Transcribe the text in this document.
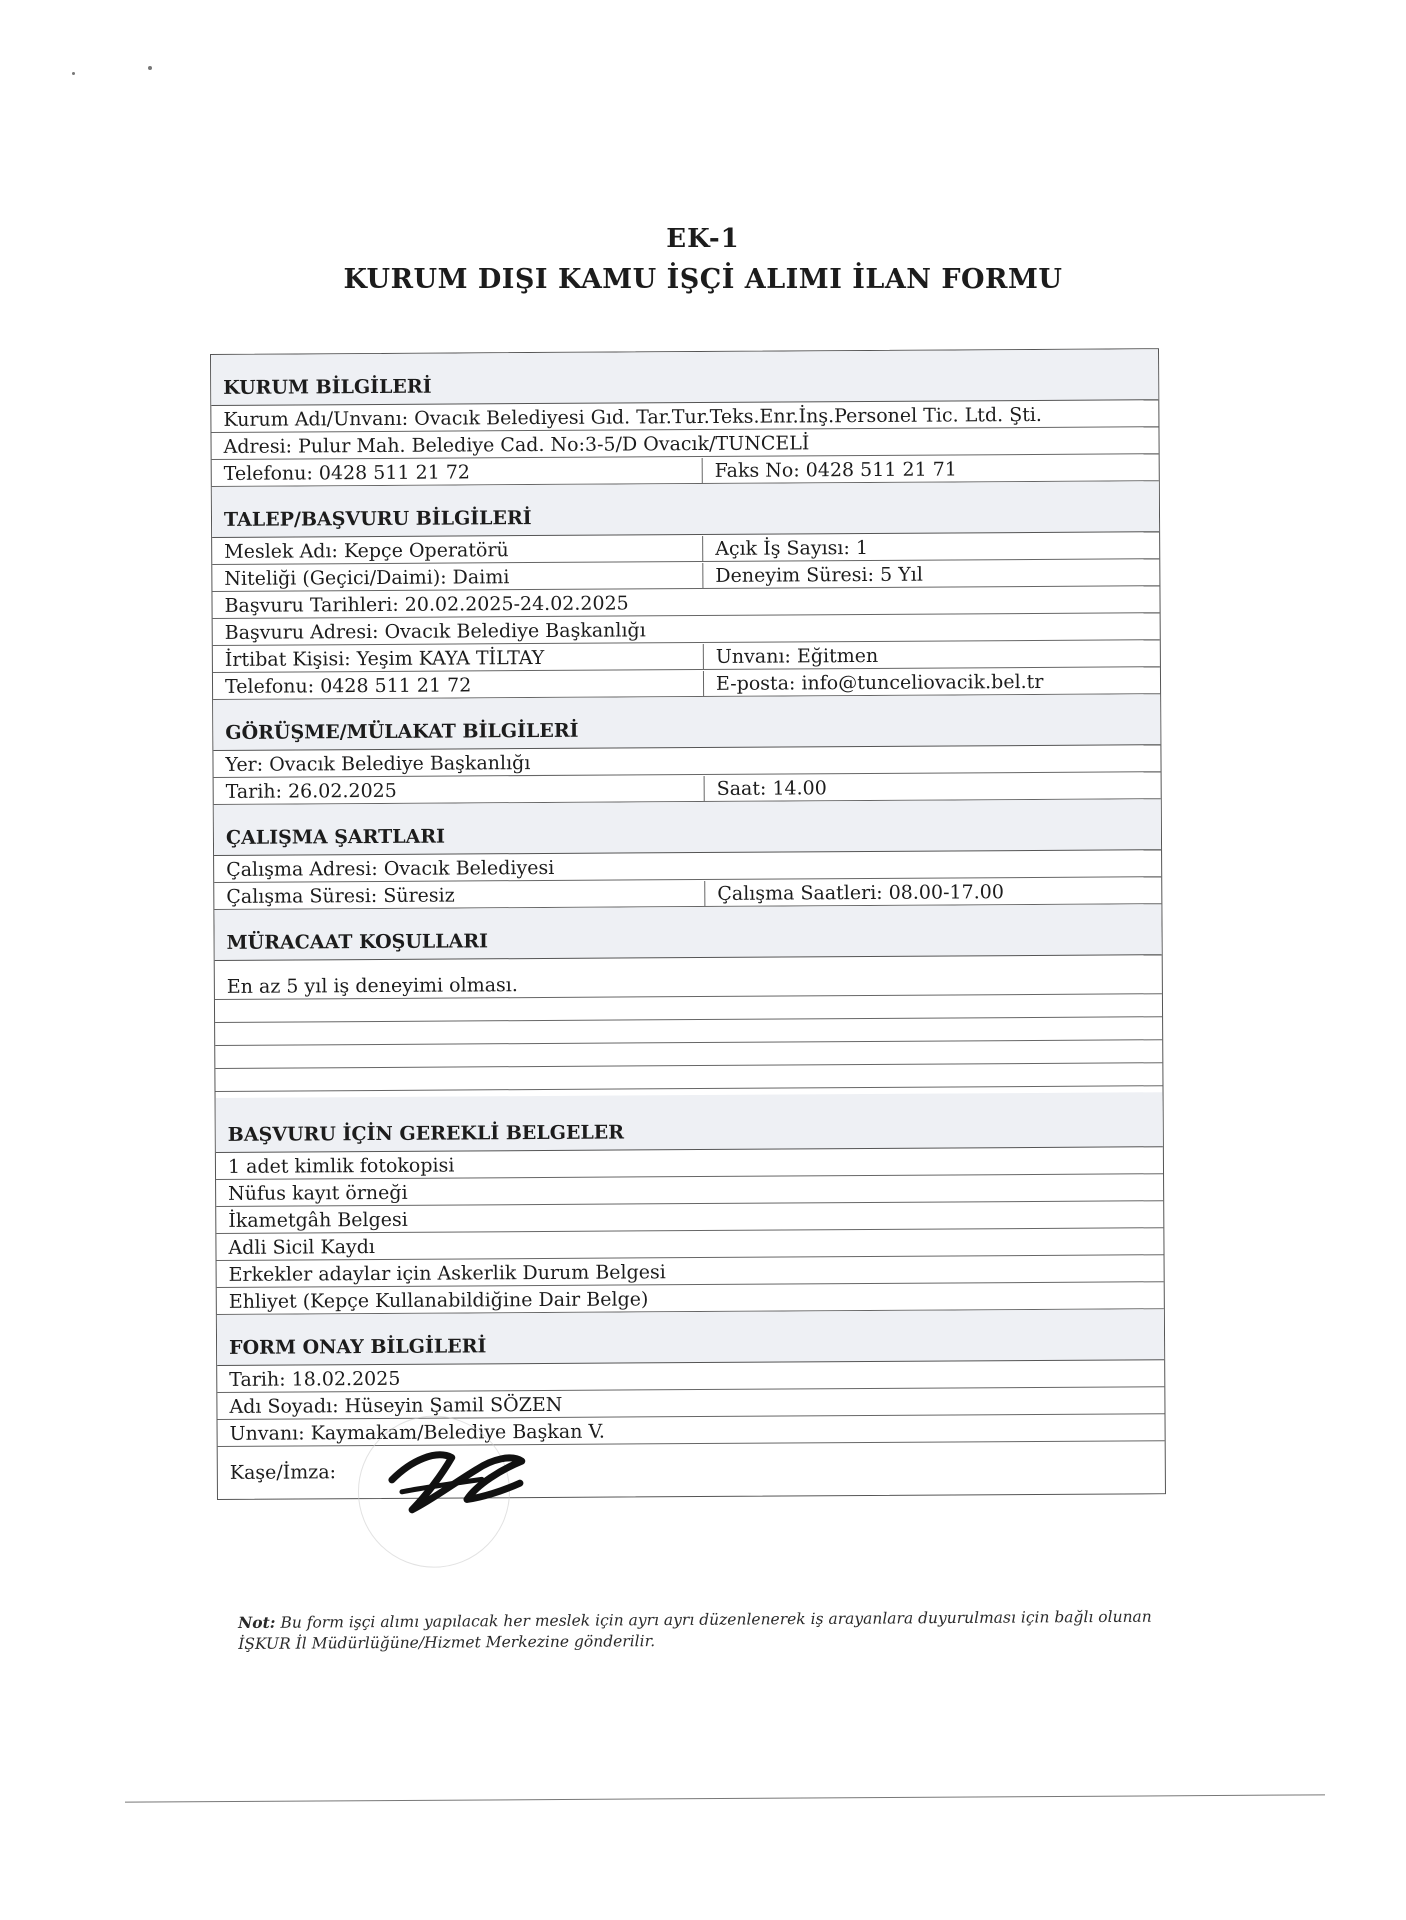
EK-1
KURUM DIŞI KAMU İŞÇİ ALIMI İLAN FORMU
KURUM BİLGİLERİ
Kurum Adı/Unvanı: Ovacık Belediyesi Gıd. Tar.Tur.Teks.Enr.İnş.Personel Tic. Ltd. Şti.
Adresi: Pulur Mah. Belediye Cad. No:3-5/D Ovacık/TUNCELİ
Telefonu: 0428 511 21 72	Faks No: 0428 511 21 71
TALEP/BAŞVURU BİLGİLERİ
Meslek Adı: Kepçe Operatörü	Açık İş Sayısı: 1
Niteliği (Geçici/Daimi): Daimi	Deneyim Süresi: 5 Yıl
Başvuru Tarihleri: 20.02.2025-24.02.2025
Başvuru Adresi: Ovacık Belediye Başkanlığı
İrtibat Kişisi: Yeşim KAYA TİLTAY	Unvanı: Eğitmen
Telefonu: 0428 511 21 72	E-posta: info@tunceliovacik.bel.tr
GÖRÜŞME/MÜLAKAT BİLGİLERİ
Yer: Ovacık Belediye Başkanlığı
Tarih: 26.02.2025	Saat: 14.00
ÇALIŞMA ŞARTLARI
Çalışma Adresi: Ovacık Belediyesi
Çalışma Süresi: Süresiz	Çalışma Saatleri: 08.00-17.00
MÜRACAAT KOŞULLARI
En az 5 yıl iş deneyimi olması.
BAŞVURU İÇİN GEREKLİ BELGELER
1 adet kimlik fotokopisi
Nüfus kayıt örneği
İkametgâh Belgesi
Adli Sicil Kaydı
Erkekler adaylar için Askerlik Durum Belgesi
Ehliyet (Kepçe Kullanabildiğine Dair Belge)
FORM ONAY BİLGİLERİ
Tarih: 18.02.2025
Adı Soyadı: Hüseyin Şamil SÖZEN
Unvanı: Kaymakam/Belediye Başkan V.
Kaşe/İmza:
Not: Bu form işçi alımı yapılacak her meslek için ayrı ayrı düzenlenerek iş arayanlara duyurulması için bağlı olunan İŞKUR İl Müdürlüğüne/Hizmet Merkezine gönderilir.
